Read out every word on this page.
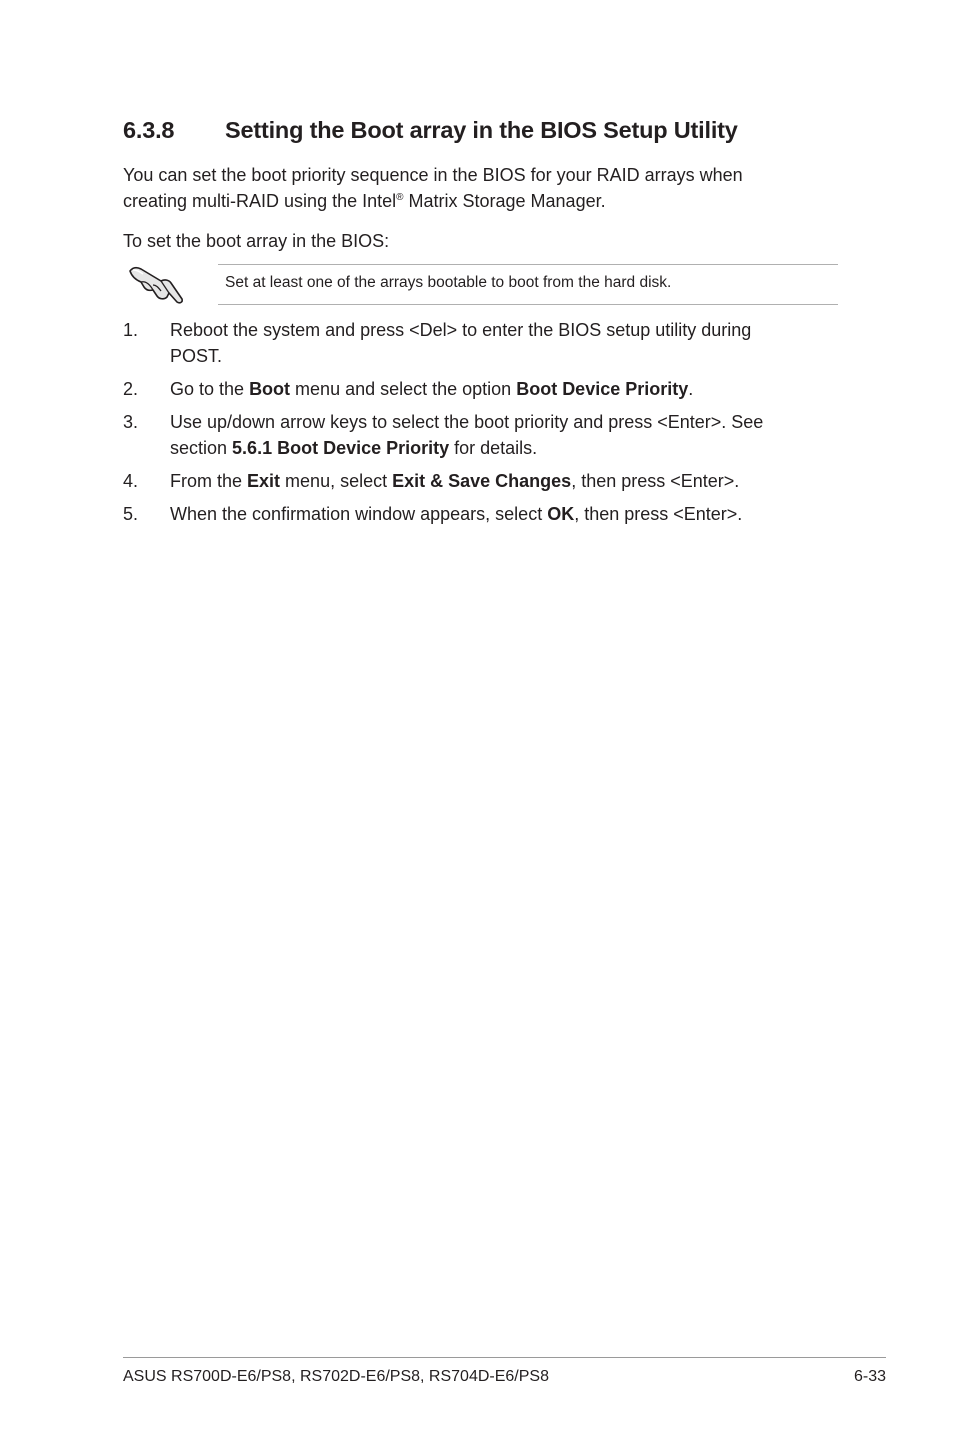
6.3.8 Setting the Boot array in the BIOS Setup Utility
You can set the boot priority sequence in the BIOS for your RAID arrays when
creating multi-RAID using the Intel® Matrix Storage Manager.
To set the boot array in the BIOS:
Set at least one of the arrays bootable to boot from the hard disk.
1. Reboot the system and press <Del> to enter the BIOS setup utility during
POST.
2. Go to the Boot menu and select the option Boot Device Priority.
3. Use up/down arrow keys to select the boot priority and press <Enter>. See
section 5.6.1 Boot Device Priority for details.
4. From the Exit menu, select Exit & Save Changes, then press <Enter>.
5. When the confirmation window appears, select OK, then press <Enter>.
ASUS RS700D-E6/PS8, RS702D-E6/PS8, RS704D-E6/PS8	6-33
